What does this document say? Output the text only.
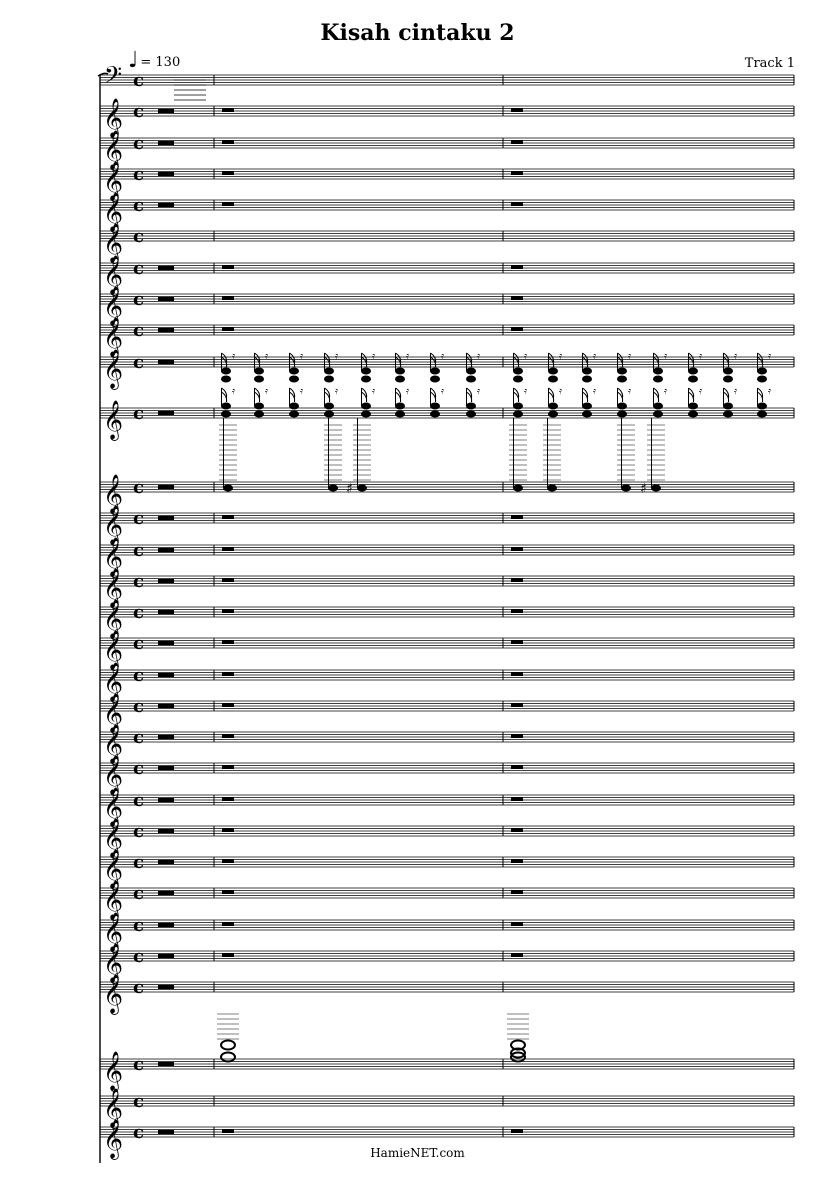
Kisah cintaku 2
♩ = 130	Track 1
𝄢 c
𝄞 c
𝄞 c
𝄞 c
𝄞 c
𝄞 c
𝄞 c
𝄞 c
𝄞 c
𝄞 c
𝄞 c
𝄞 c
𝄞 c
𝄞 c
𝄞 c
𝄞 c
𝄞 c
𝄞 c
𝄞 c
𝄞 c
𝄞 c
𝄞 c
𝄞 c
𝄞 c
𝄞 c
𝄞 c
𝄞 c
𝄞 c
𝄞 c
𝄞 c
𝄞 c
𝄿	𝄿	𝄿	𝄿	𝄿	𝄿	𝄿	𝄿	𝄿	𝄿	𝄿	𝄿	𝄿	𝄿	𝄿	𝄿
𝄿	𝄿	𝄿	𝄿	𝄿	𝄿	𝄿	𝄿	𝄿	𝄿	𝄿	𝄿	𝄿	𝄿	𝄿	𝄿
♯	♯
HamieNET.com
